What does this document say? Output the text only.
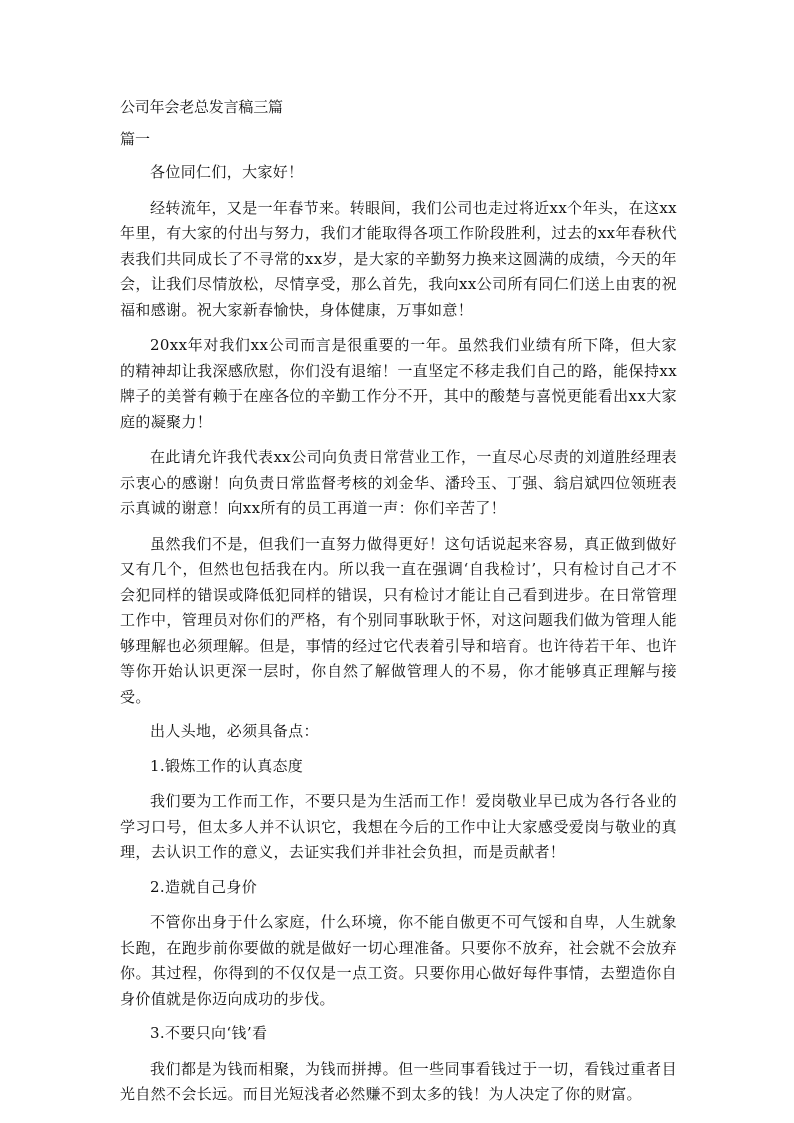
公司年会老总发言稿三篇
篇一

各位同仁们，大家好！

经转流年，又是一年春节来。转眼间，我们公司也走过将近xx个年头，在这xx年里，有大家的付出与努力，我们才能取得各项工作阶段胜利，过去的xx年春秋代表我们共同成长了不寻常的xx岁，是大家的辛勤努力换来这圆满的成绩，今天的年会，让我们尽情放松，尽情享受，那么首先，我向xx公司所有同仁们送上由衷的祝福和感谢。祝大家新春愉快，身体健康，万事如意！

20xx年对我们xx公司而言是很重要的一年。虽然我们业绩有所下降，但大家的精神却让我深感欣慰，你们没有退缩！一直坚定不移走我们自己的路，能保持xx牌子的美誉有赖于在座各位的辛勤工作分不开，其中的酸楚与喜悦更能看出xx大家庭的凝聚力！

在此请允许我代表xx公司向负责日常营业工作，一直尽心尽责的刘道胜经理表示衷心的感谢！向负责日常监督考核的刘金华、潘玲玉、丁强、翁启斌四位领班表示真诚的谢意！向xx所有的员工再道一声：你们辛苦了！

虽然我们不是，但我们一直努力做得更好！这句话说起来容易，真正做到做好又有几个，但然也包括我在内。所以我一直在强调‘自我检讨’，只有检讨自己才不会犯同样的错误或降低犯同样的错误，只有检讨才能让自己看到进步。在日常管理工作中，管理员对你们的严格，有个别同事耿耿于怀，对这问题我们做为管理人能够理解也必须理解。但是，事情的经过它代表着引导和培育。也许待若干年、也许等你开始认识更深一层时，你自然了解做管理人的不易，你才能够真正理解与接受。

出人头地，必须具备点：

1.锻炼工作的认真态度

我们要为工作而工作，不要只是为生活而工作！爱岗敬业早已成为各行各业的学习口号，但太多人并不认识它，我想在今后的工作中让大家感受爱岗与敬业的真理，去认识工作的意义，去证实我们并非社会负担，而是贡献者！

2.造就自己身价

不管你出身于什么家庭，什么环境，你不能自傲更不可气馁和自卑，人生就象长跑，在跑步前你要做的就是做好一切心理准备。只要你不放弃，社会就不会放弃你。其过程，你得到的不仅仅是一点工资。只要你用心做好每件事情，去塑造你自身价值就是你迈向成功的步伐。

3.不要只向‘钱’看

我们都是为钱而相聚，为钱而拼搏。但一些同事看钱过于一切，看钱过重者目光自然不会长远。而目光短浅者必然赚不到太多的钱！为人决定了你的财富。
